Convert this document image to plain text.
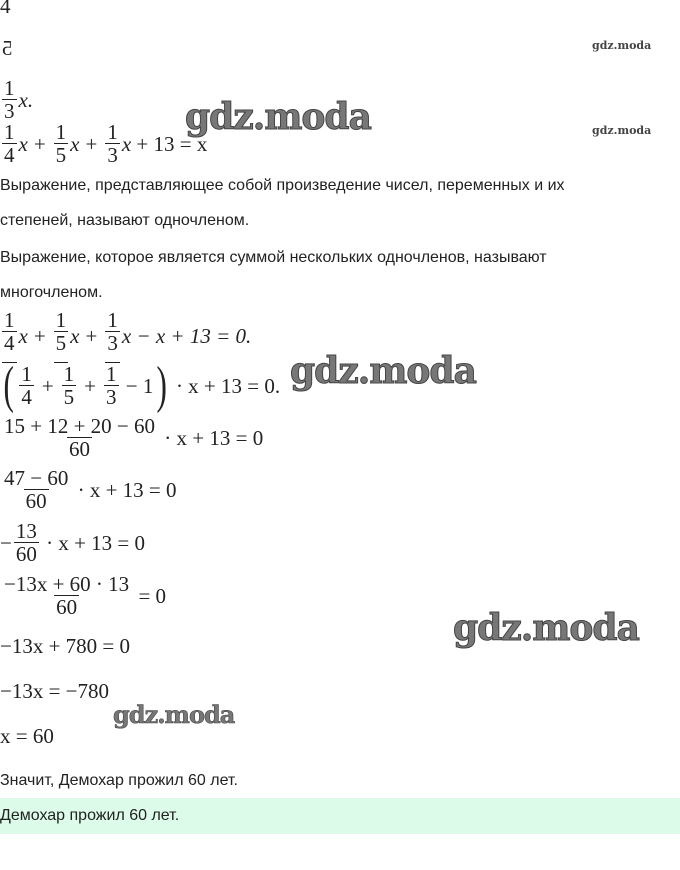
4
5
$\frac{1}{3} x$.
$\frac{1}{4}$ $x + \frac{1}{5}$ $x + \frac{1}{3}$ x
+ 13 = x
Выражение, представляющее собой произведение чисел, переменных и их
степеней, называют одночленом.
Выражение, которое является суммой нескольких одночленов, называют
многочленом.
$\frac{1}{4}$ $x + \frac{1}{5}$ $x + \frac{1}{3}$ x
− x + 13 = 0.
( $\frac{1}{4} + \frac{1}{5} + \frac{1}{3}$
− 1 )
· x + 13 = 0.
$\frac{15 + 12 + 20 - 60}{60}$
· x + 13 = 0
$\frac{47 - 60}{60}$
· x + 13 = 0
− $\frac{13}{60}$
· x + 13 = 0
$\frac{-13x + 60 \cdot 13}{60}$
= 0
−13x + 780 = 0
−13x = −780
x = 60
Значит, Демохар прожил 60 лет.
Демохар прожил 60 лет.
gdz.moda
gdz.moda
gdz.moda
gdz.moda
gdz.moda
gdz.moda
